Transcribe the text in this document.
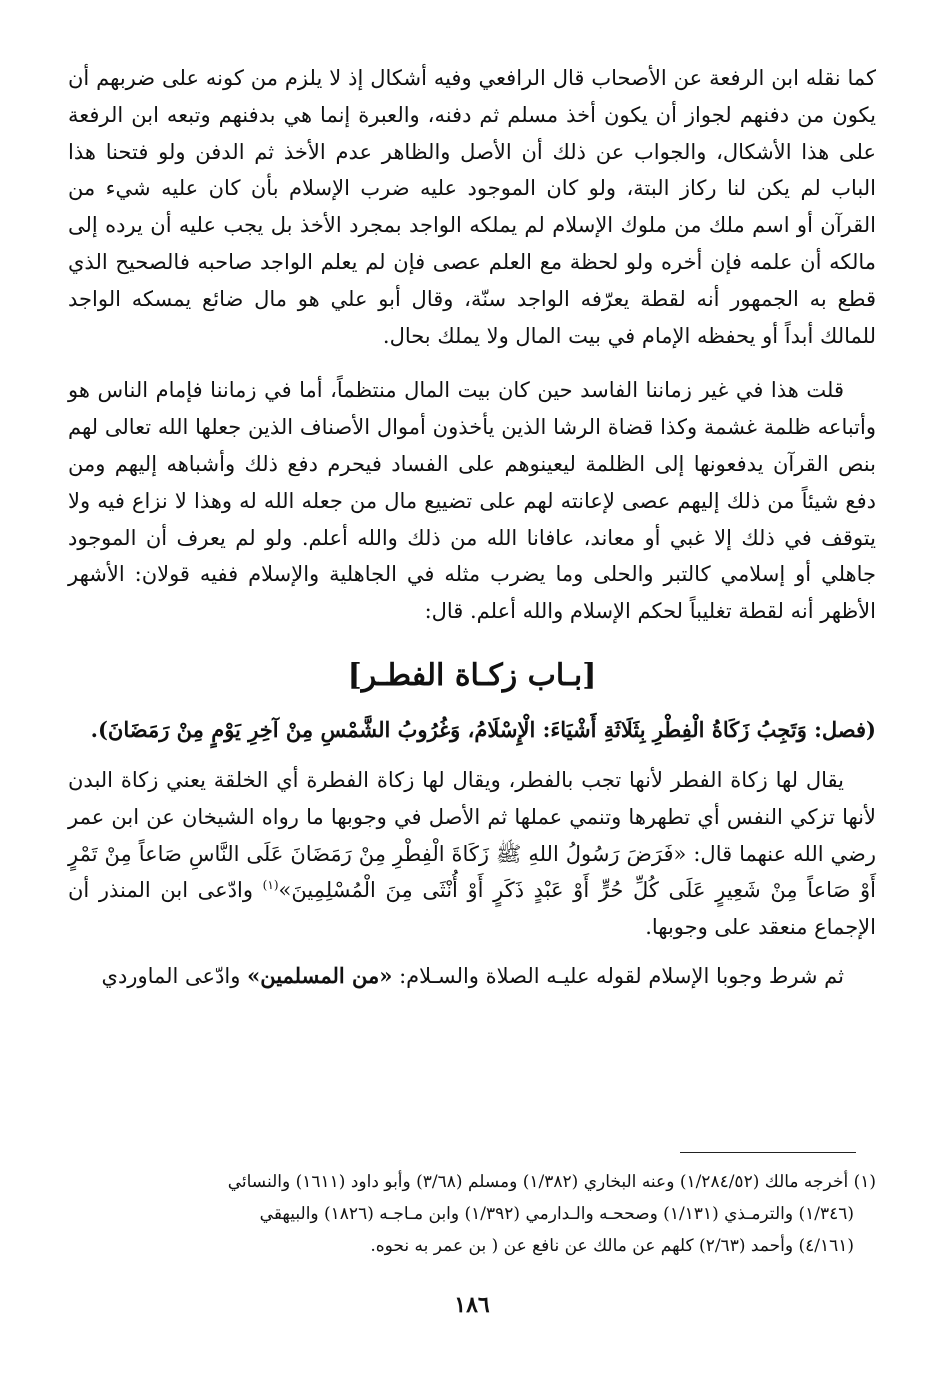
كما نقله ابن الرفعة عن الأصحاب قال الرافعي وفيه أشكال إذ لا يلزم من كونه على ضربهم أن يكون من دفنهم لجواز أن يكون أخذ مسلم ثم دفنه، والعبرة إنما هي بدفنهم وتبعه ابن الرفعة على هذا الأشكال، والجواب عن ذلك أن الأصل والظاهر عدم الأخذ ثم الدفن ولو فتحنا هذا الباب لم يكن لنا ركاز البتة، ولو كان الموجود عليه ضرب الإسلام بأن كان عليه شيء من القرآن أو اسم ملك من ملوك الإسلام لم يملكه الواجد بمجرد الأخذ بل يجب عليه أن يرده إلى مالكه أن علمه فإن أخره ولو لحظة مع العلم عصى فإن لم يعلم الواجد صاحبه فالصحيح الذي قطع به الجمهور أنه لقطة يعرّفه الواجد سنّة، وقال أبو علي هو مال ضائع يمسكه الواجد للمالك أبداً أو يحفظه الإمام في بيت المال ولا يملك بحال.

قلت هذا في غير زماننا الفاسد حين كان بيت المال منتظماً، أما في زماننا فإمام الناس هو وأتباعه ظلمة غشمة وكذا قضاة الرشا الذين يأخذون أموال الأصناف الذين جعلها الله تعالى لهم بنص القرآن يدفعونها إلى الظلمة ليعينوهم على الفساد فيحرم دفع ذلك وأشباهه إليهم ومن دفع شيئاً من ذلك إليهم عصى لإعانته لهم على تضييع مال من جعله الله له وهذا لا نزاع فيه ولا يتوقف في ذلك إلا غبي أو معاند، عافانا الله من ذلك والله أعلم. ولو لم يعرف أن الموجود جاهلي أو إسلامي كالتبر والحلى وما يضرب مثله في الجاهلية والإسلام ففيه قولان: الأشهر الأظهر أنه لقطة تغليباً لحكم الإسلام والله أعلم. قال:

[بـاب زكـاة الفطـر]
(فصل: وَتَجِبُ زَكَاةُ الْفِطْرِ بِثَلَاثَةِ أَشْيَاءَ: الْإِسْلَامُ، وَغُرُوبُ الشَّمْسِ مِنْ آخِرِ يَوْمٍ مِنْ رَمَضَانَ).

يقال لها زكاة الفطر لأنها تجب بالفطر، ويقال لها زكاة الفطرة أي الخلقة يعني زكاة البدن لأنها تزكي النفس أي تطهرها وتنمي عملها ثم الأصل في وجوبها ما رواه الشيخان عن ابن عمر رضي الله عنهما قال: «فَرَضَ رَسُولُ اللهِ ﷺ زَكَاةَ الْفِطْرِ مِنْ رَمَضَانَ عَلَى النَّاسِ صَاعاً مِنْ تَمْرٍ أَوْ صَاعاً مِنْ شَعِيرٍ عَلَى كُلِّ حُرٍّ أَوْ عَبْدٍ ذَكَرٍ أَوْ أُنْثَى مِنَ الْمُسْلِمِينَ»$^{(١)}$ وادّعى ابن المنذر أن الإجماع منعقد على وجوبها.

ثم شرط وجوبا الإسلام لقوله عليـه الصلاة والسـلام: «من المسلمين» وادّعى الماوردي

(١) أخرجه مالك (١/٢٨٤/٥٢) وعنه البخاري (١/٣٨٢) ومسلم (٣/٦٨) وأبو داود (١٦١١) والنسائي

(١/٣٤٦) والترمـذي (١/١٣١) وصححـه والـدارمي (١/٣٩٢) وابن مـاجـه (١٨٢٦) والبيهقي

(٤/١٦١) وأحمد (٢/٦٣) كلهم عن مالك عن نافع عن ( بن عمر به نحوه.

١٨٦
